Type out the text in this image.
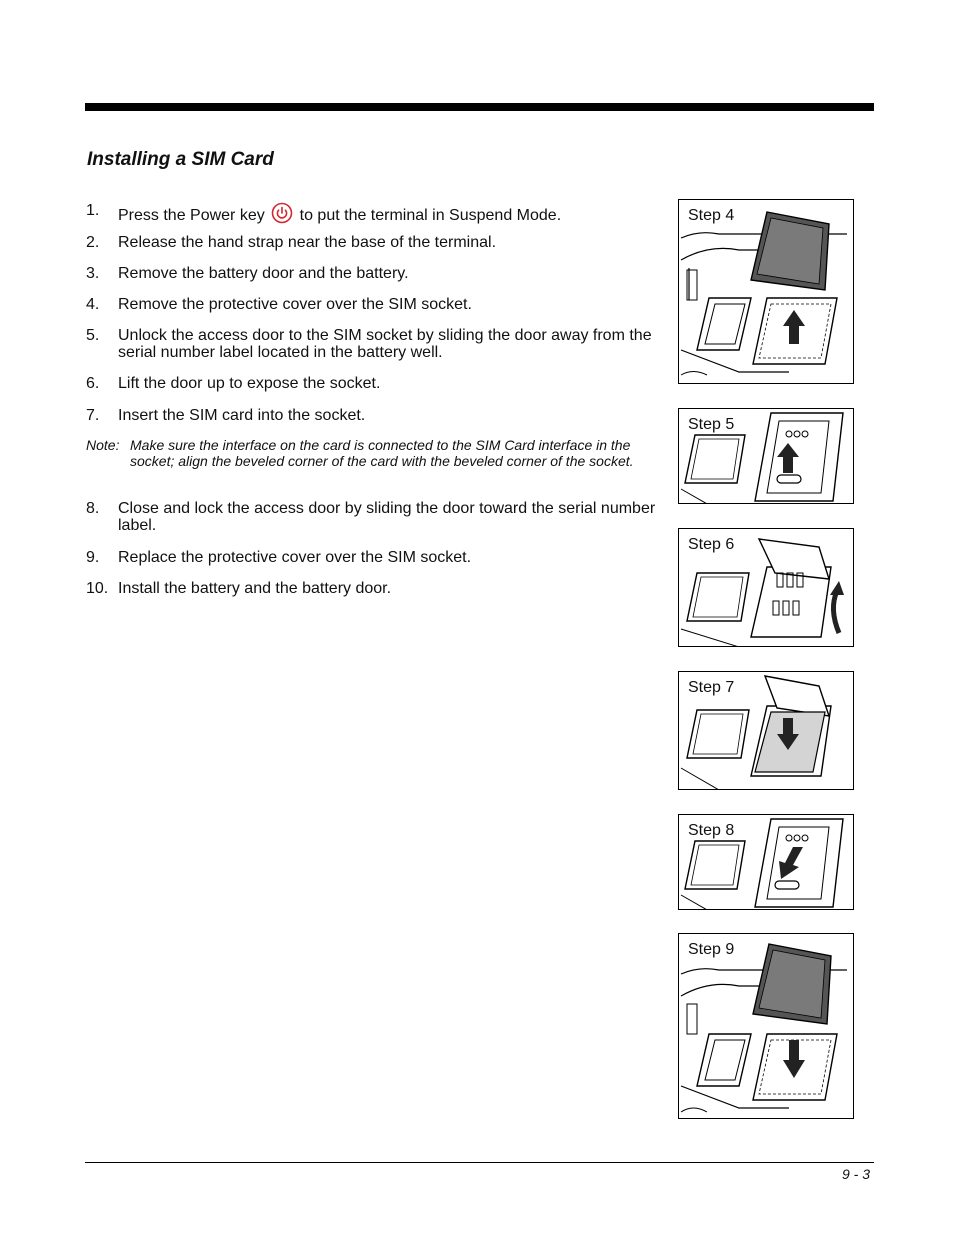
Installing a SIM Card
1. Press the Power key to put the terminal in Suspend Mode.
2. Release the hand strap near the base of the terminal.
3. Remove the battery door and the battery.
4. Remove the protective cover over the SIM socket.
5. Unlock the access door to the SIM socket by sliding the door away from the serial number label located in the battery well.
6. Lift the door up to expose the socket.
7. Insert the SIM card into the socket.
Note: Make sure the interface on the card is connected to the SIM Card interface in the socket; align the beveled corner of the card with the beveled corner of the socket.
8. Close and lock the access door by sliding the door toward the serial number label.
9. Replace the protective cover over the SIM socket.
10. Install the battery and the battery door.
Step 4
Step 5
Step 6
Step 7
Step 8
Step 9
9 - 3
